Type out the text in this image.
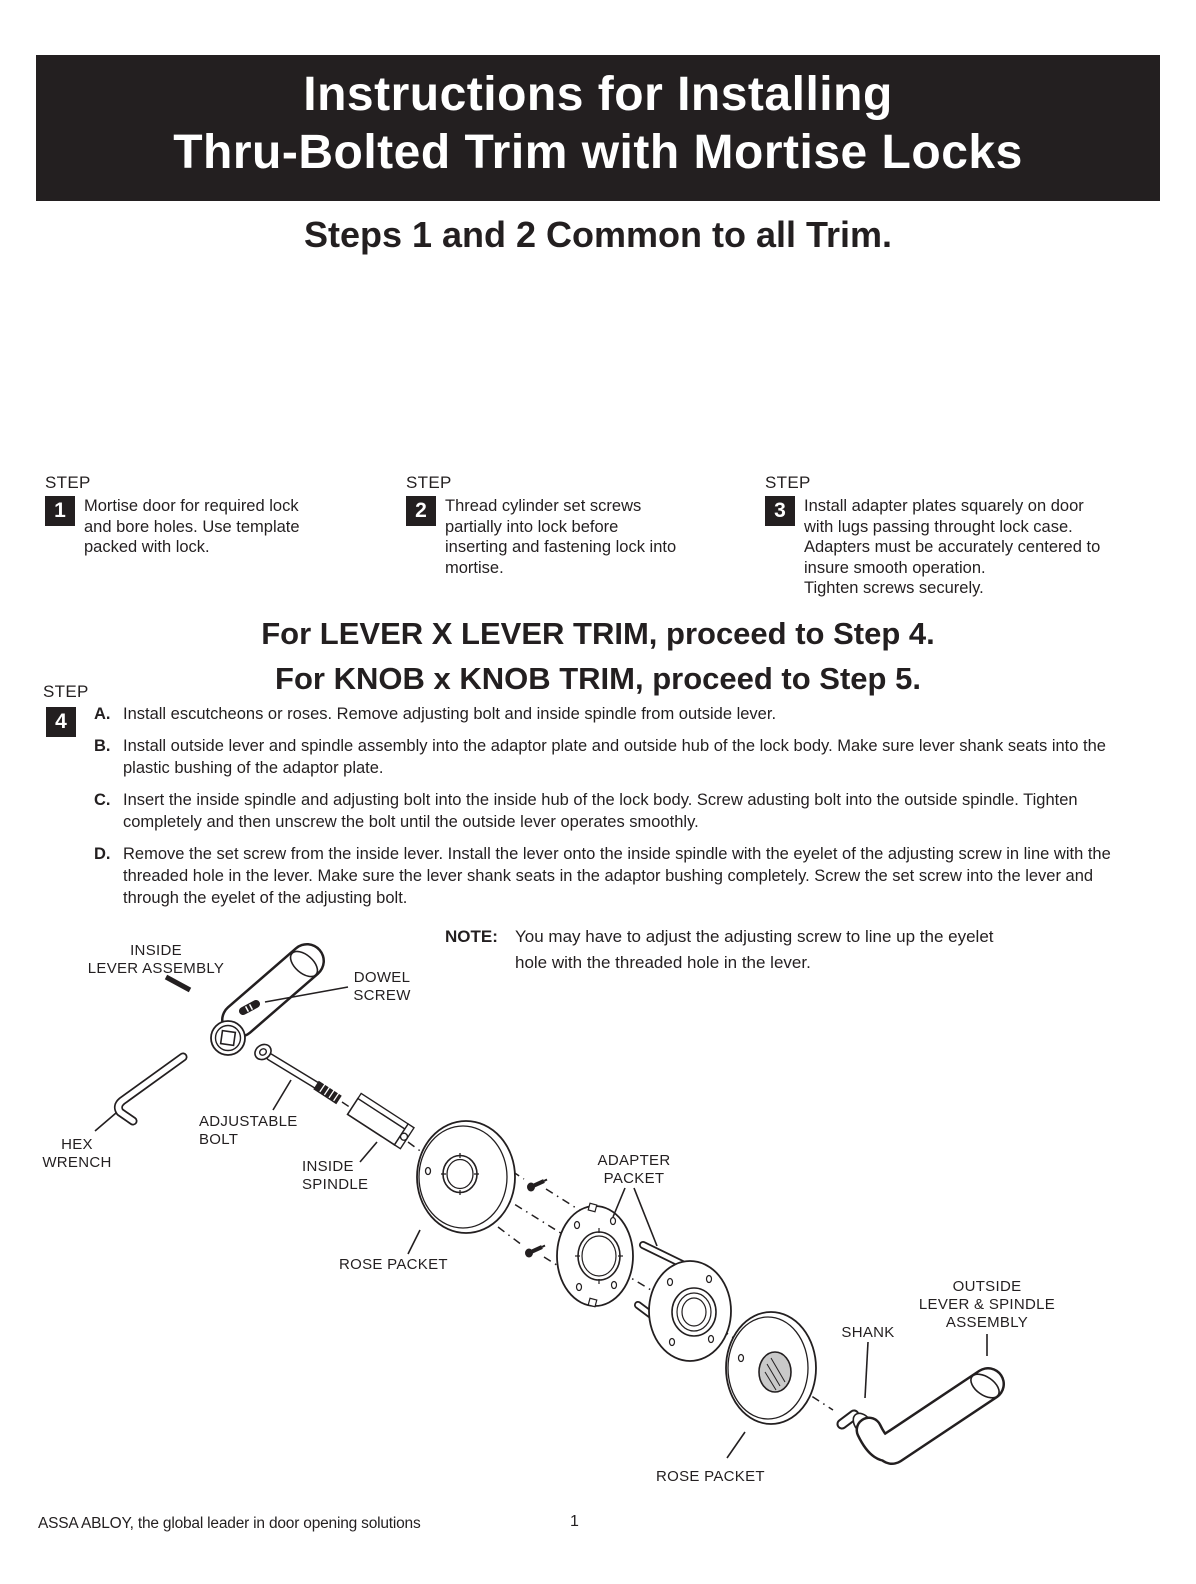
Instructions for Installing
Thru-Bolted Trim with Mortise Locks
Steps 1 and 2 Common to all Trim.
STEP
1	Mortise door for required lock and bore holes. Use template packed with lock.
STEP
2	Thread cylinder set screws partially into lock before inserting and fastening lock into mortise.
STEP
3	Install adapter plates squarely on door with lugs passing throught lock case. Adapters must be accurately centered to insure smooth operation.
Tighten screws securely.
For LEVER X LEVER TRIM, proceed to Step 4.
For KNOB x KNOB TRIM, proceed to Step 5.
STEP
4	A. Install escutcheons or roses. Remove adjusting bolt and inside spindle from outside lever.
B. Install outside lever and spindle assembly into the adaptor plate and outside hub of the lock body. Make sure lever shank seats into the plastic bushing of the adaptor plate.
C. Insert the inside spindle and adjusting bolt into the inside hub of the lock body. Screw adusting bolt into the outside spindle. Tighten completely and then unscrew the bolt until the outside lever operates smoothly.
D. Remove the set screw from the inside lever. Install the lever onto the inside spindle with the eyelet of the adjusting screw in line with the threaded hole in the lever. Make sure the lever shank seats in the adaptor bushing completely. Screw the set screw into the lever and through the eyelet of the adjusting bolt.
NOTE:	You may have to adjust the adjusting screw to line up the eyelet
hole with the threaded hole in the lever.
INSIDE
LEVER ASSEMBLY
DOWEL
SCREW
HEX
WRENCH
ADJUSTABLE
BOLT
INSIDE
SPINDLE
ROSE PACKET
ADAPTER
PACKET
SHANK
OUTSIDE
LEVER & SPINDLE
ASSEMBLY
ROSE PACKET
ASSA ABLOY, the global leader in door opening solutions	1
